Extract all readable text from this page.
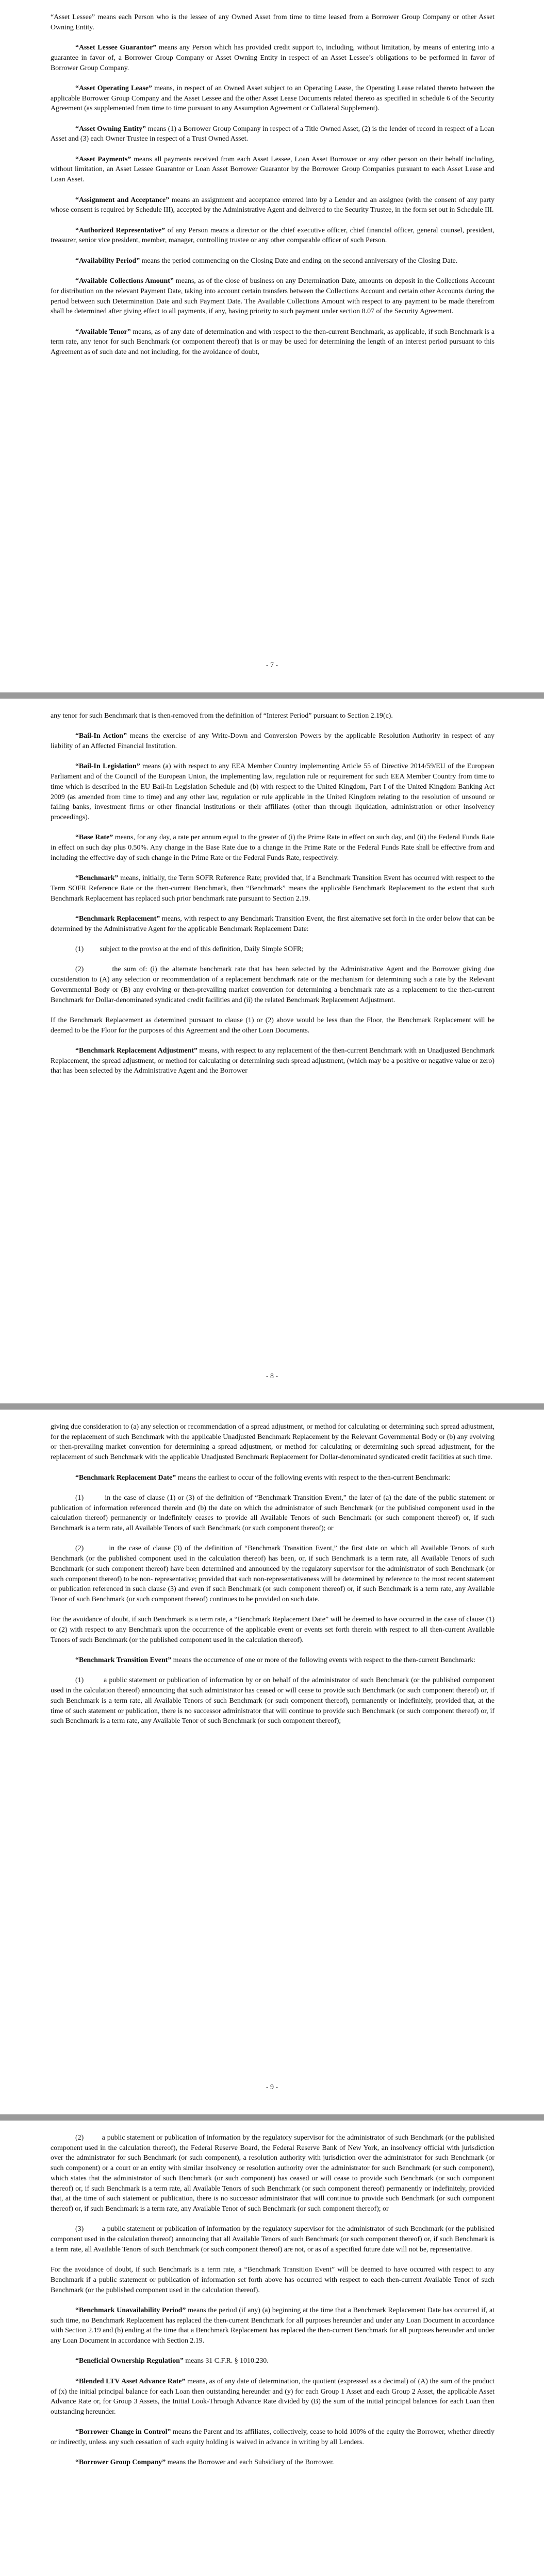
“Asset Lessee” means each Person who is the lessee of any Owned Asset from time to time leased from a Borrower Group Company or other Asset Owning Entity.

“Asset Lessee Guarantor” means any Person which has provided credit support to, including, without limitation, by means of entering into a guarantee in favor of, a Borrower Group Company or Asset Owning Entity in respect of an Asset Lessee’s obligations to be performed in favor of Borrower Group Company.

“Asset Operating Lease” means, in respect of an Owned Asset subject to an Operating Lease, the Operating Lease related thereto between the applicable Borrower Group Company and the Asset Lessee and the other Asset Lease Documents related thereto as specified in schedule 6 of the Security Agreement (as supplemented from time to time pursuant to any Assumption Agreement or Collateral Supplement).

“Asset Owning Entity” means (1) a Borrower Group Company in respect of a Title Owned Asset, (2) is the lender of record in respect of a Loan Asset and (3) each Owner Trustee in respect of a Trust Owned Asset.

“Asset Payments” means all payments received from each Asset Lessee, Loan Asset Borrower or any other person on their behalf including, without limitation, an Asset Lessee Guarantor or Loan Asset Borrower Guarantor by the Borrower Group Companies pursuant to each Asset Lease and Loan Asset.

“Assignment and Acceptance” means an assignment and acceptance entered into by a Lender and an assignee (with the consent of any party whose consent is required by Schedule III), accepted by the Administrative Agent and delivered to the Security Trustee, in the form set out in Schedule III.

“Authorized Representative” of any Person means a director or the chief executive officer, chief financial officer, general counsel, president, treasurer, senior vice president, member, manager, controlling trustee or any other comparable officer of such Person.

“Availability Period” means the period commencing on the Closing Date and ending on the second anniversary of the Closing Date.

“Available Collections Amount” means, as of the close of business on any Determination Date, amounts on deposit in the Collections Account for distribution on the relevant Payment Date, taking into account certain transfers between the Collections Account and certain other Accounts during the period between such Determination Date and such Payment Date. The Available Collections Amount with respect to any payment to be made therefrom shall be determined after giving effect to all payments, if any, having priority to such payment under section 8.07 of the Security Agreement.

“Available Tenor” means, as of any date of determination and with respect to the then-current Benchmark, as applicable, if such Benchmark is a term rate, any tenor for such Benchmark (or component thereof) that is or may be used for determining the length of an interest period pursuant to this Agreement as of such date and not including, for the avoidance of doubt,

- 7 -

any tenor for such Benchmark that is then-removed from the definition of “Interest Period” pursuant to Section 2.19(c).

“Bail-In Action” means the exercise of any Write-Down and Conversion Powers by the applicable Resolution Authority in respect of any liability of an Affected Financial Institution.

“Bail-In Legislation” means (a) with respect to any EEA Member Country implementing Article 55 of Directive 2014/59/EU of the European Parliament and of the Council of the European Union, the implementing law, regulation rule or requirement for such EEA Member Country from time to time which is described in the EU Bail-In Legislation Schedule and (b) with respect to the United Kingdom, Part I of the United Kingdom Banking Act 2009 (as amended from time to time) and any other law, regulation or rule applicable in the United Kingdom relating to the resolution of unsound or failing banks, investment firms or other financial institutions or their affiliates (other than through liquidation, administration or other insolvency proceedings).

“Base Rate” means, for any day, a rate per annum equal to the greater of (i) the Prime Rate in effect on such day, and (ii) the Federal Funds Rate in effect on such day plus 0.50%. Any change in the Base Rate due to a change in the Prime Rate or the Federal Funds Rate shall be effective from and including the effective day of such change in the Prime Rate or the Federal Funds Rate, respectively.

“Benchmark” means, initially, the Term SOFR Reference Rate; provided that, if a Benchmark Transition Event has occurred with respect to the Term SOFR Reference Rate or the then-current Benchmark, then “Benchmark” means the applicable Benchmark Replacement to the extent that such Benchmark Replacement has replaced such prior benchmark rate pursuant to Section 2.19.

“Benchmark Replacement” means, with respect to any Benchmark Transition Event, the first alternative set forth in the order below that can be determined by the Administrative Agent for the applicable Benchmark Replacement Date:

(1)         subject to the proviso at the end of this definition, Daily Simple SOFR;

(2)         the sum of: (i) the alternate benchmark rate that has been selected by the Administrative Agent and the Borrower giving due consideration to (A) any selection or recommendation of a replacement benchmark rate or the mechanism for determining such a rate by the Relevant Governmental Body or (B) any evolving or then-prevailing market convention for determining a benchmark rate as a replacement to the then-current Benchmark for Dollar-denominated syndicated credit facilities and (ii) the related Benchmark Replacement Adjustment.

If the Benchmark Replacement as determined pursuant to clause (1) or (2) above would be less than the Floor, the Benchmark Replacement will be deemed to be the Floor for the purposes of this Agreement and the other Loan Documents.

“Benchmark Replacement Adjustment” means, with respect to any replacement of the then-current Benchmark with an Unadjusted Benchmark Replacement, the spread adjustment, or method for calculating or determining such spread adjustment, (which may be a positive or negative value or zero) that has been selected by the Administrative Agent and the Borrower

- 8 -

giving due consideration to (a) any selection or recommendation of a spread adjustment, or method for calculating or determining such spread adjustment, for the replacement of such Benchmark with the applicable Unadjusted Benchmark Replacement by the Relevant Governmental Body or (b) any evolving or then-prevailing market convention for determining a spread adjustment, or method for calculating or determining such spread adjustment, for the replacement of such Benchmark with the applicable Unadjusted Benchmark Replacement for Dollar-denominated syndicated credit facilities at such time.

“Benchmark Replacement Date” means the earliest to occur of the following events with respect to the then-current Benchmark:

(1)         in the case of clause (1) or (3) of the definition of “Benchmark Transition Event,” the later of (a) the date of the public statement or publication of information referenced therein and (b) the date on which the administrator of such Benchmark (or the published component used in the calculation thereof) permanently or indefinitely ceases to provide all Available Tenors of such Benchmark (or such component thereof) or, if such Benchmark is a term rate, all Available Tenors of such Benchmark (or such component thereof); or

(2)         in the case of clause (3) of the definition of “Benchmark Transition Event,” the first date on which all Available Tenors of such Benchmark (or the published component used in the calculation thereof) has been, or, if such Benchmark is a term rate, all Available Tenors of such Benchmark (or such component thereof) have been determined and announced by the regulatory supervisor for the administrator of such Benchmark (or such component thereof) to be non- representative; provided that such non-representativeness will be determined by reference to the most recent statement or publication referenced in such clause (3) and even if such Benchmark (or such component thereof) or, if such Benchmark is a term rate, any Available Tenor of such Benchmark (or such component thereof) continues to be provided on such date.

For the avoidance of doubt, if such Benchmark is a term rate, a “Benchmark Replacement Date” will be deemed to have occurred in the case of clause (1) or (2) with respect to any Benchmark upon the occurrence of the applicable event or events set forth therein with respect to all then-current Available Tenors of such Benchmark (or the published component used in the calculation thereof).

“Benchmark Transition Event” means the occurrence of one or more of the following events with respect to the then-current Benchmark:

(1)         a public statement or publication of information by or on behalf of the administrator of such Benchmark (or the published component used in the calculation thereof) announcing that such administrator has ceased or will cease to provide such Benchmark (or such component thereof) or, if such Benchmark is a term rate, all Available Tenors of such Benchmark (or such component thereof), permanently or indefinitely, provided that, at the time of such statement or publication, there is no successor administrator that will continue to provide such Benchmark (or such component thereof) or, if such Benchmark is a term rate, any Available Tenor of such Benchmark (or such component thereof);

- 9 -

(2)         a public statement or publication of information by the regulatory supervisor for the administrator of such Benchmark (or the published component used in the calculation thereof), the Federal Reserve Board, the Federal Reserve Bank of New York, an insolvency official with jurisdiction over the administrator for such Benchmark (or such component), a resolution authority with jurisdiction over the administrator for such Benchmark (or such component) or a court or an entity with similar insolvency or resolution authority over the administrator for such Benchmark (or such component), which states that the administrator of such Benchmark (or such component) has ceased or will cease to provide such Benchmark (or such component thereof) or, if such Benchmark is a term rate, all Available Tenors of such Benchmark (or such component thereof) permanently or indefinitely, provided that, at the time of such statement or publication, there is no successor administrator that will continue to provide such Benchmark (or such component thereof) or, if such Benchmark is a term rate, any Available Tenor of such Benchmark (or such component thereof); or

(3)         a public statement or publication of information by the regulatory supervisor for the administrator of such Benchmark (or the published component used in the calculation thereof) announcing that all Available Tenors of such Benchmark (or such component thereof) or, if such Benchmark is a term rate, all Available Tenors of such Benchmark (or such component thereof) are not, or as of a specified future date will not be, representative.

For the avoidance of doubt, if such Benchmark is a term rate, a “Benchmark Transition Event” will be deemed to have occurred with respect to any Benchmark if a public statement or publication of information set forth above has occurred with respect to each then-current Available Tenor of such Benchmark (or the published component used in the calculation thereof).

“Benchmark Unavailability Period” means the period (if any) (a) beginning at the time that a Benchmark Replacement Date has occurred if, at such time, no Benchmark Replacement has replaced the then-current Benchmark for all purposes hereunder and under any Loan Document in accordance with Section 2.19 and (b) ending at the time that a Benchmark Replacement has replaced the then-current Benchmark for all purposes hereunder and under any Loan Document in accordance with Section 2.19.

“Beneficial Ownership Regulation” means 31 C.F.R. § 1010.230.

“Blended LTV Asset Advance Rate” means, as of any date of determination, the quotient (expressed as a decimal) of (A) the sum of the product of (x) the initial principal balance for each Loan then outstanding hereunder and (y) for each Group 1 Asset and each Group 2 Asset, the applicable Asset Advance Rate or, for Group 3 Assets, the Initial Look-Through Advance Rate divided by (B) the sum of the initial principal balances for each Loan then outstanding hereunder.

“Borrower Change in Control” means the Parent and its affiliates, collectively, cease to hold 100% of the equity the Borrower, whether directly or indirectly, unless any such cessation of such equity holding is waived in advance in writing by all Lenders.

“Borrower Group Company” means the Borrower and each Subsidiary of the Borrower.
